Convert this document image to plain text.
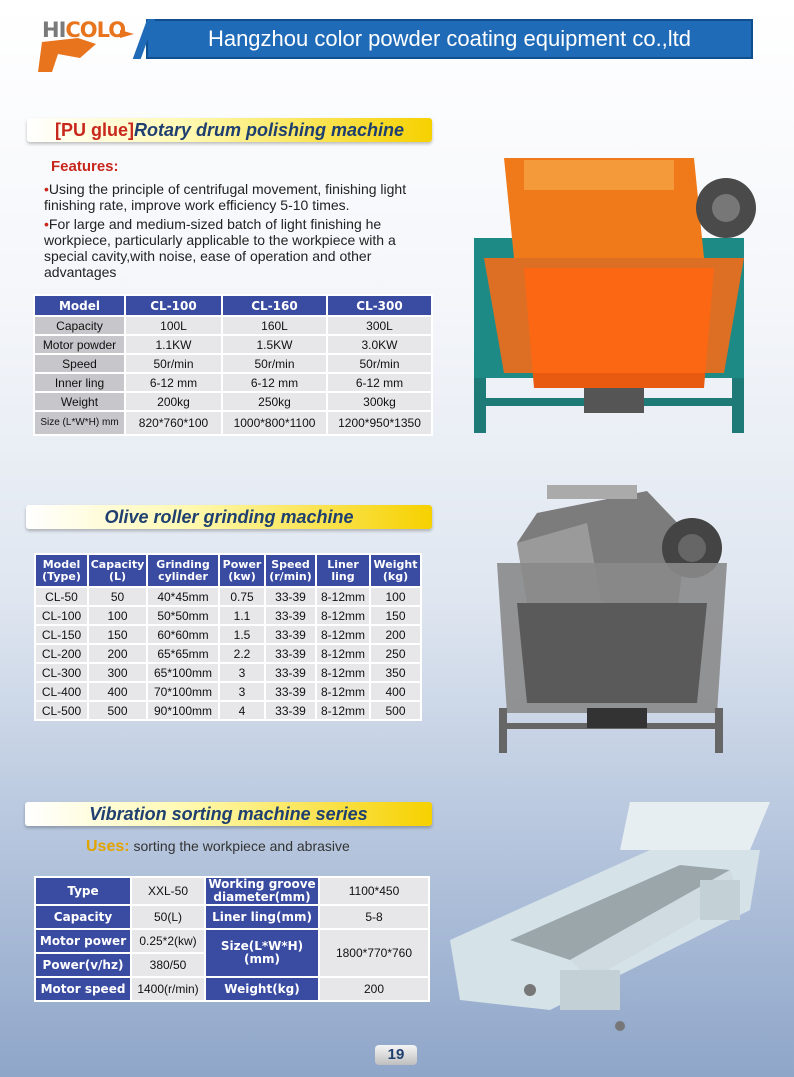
HICOLO	Hangzhou color powder coating equipment co.,ltd
[PU glue]Rotary drum polishing machine
Features:
•Using the principle of centrifugal movement, finishing light finishing rate, improve work efficiency 5-10 times.
•For large and medium-sized batch of light finishing he workpiece, particularly applicable to the workpiece with a special cavity,with noise, ease of operation and other advantages
Model	CL-100	CL-160	CL-300
Capacity	100L	160L	300L
Motor powder	1.1KW	1.5KW	3.0KW
Speed	50r/min	50r/min	50r/min
Inner ling	6-12 mm	6-12 mm	6-12 mm
Weight	200kg	250kg	300kg
Size (L*W*H) mm	820*760*100	1000*800*1100	1200*950*1350
Olive roller grinding machine
Model (Type)	Capacity (L)	Grinding cylinder	Power (kw)	Speed (r/min)	Liner ling	Weight (kg)
CL-50	50	40*45mm	0.75	33-39	8-12mm	100
CL-100	100	50*50mm	1.1	33-39	8-12mm	150
CL-150	150	60*60mm	1.5	33-39	8-12mm	200
CL-200	200	65*65mm	2.2	33-39	8-12mm	250
CL-300	300	65*100mm	3	33-39	8-12mm	350
CL-400	400	70*100mm	3	33-39	8-12mm	400
CL-500	500	90*100mm	4	33-39	8-12mm	500
Vibration sorting machine series
Uses: sorting the workpiece and abrasive
Type	XXL-50	Working groove diameter(mm)	1100*450
Capacity	50(L)	Liner ling(mm)	5-8
Motor power	0.25*2(kw)	Size(L*W*H) (mm)	1800*770*760
Power(v/hz)	380/50		
Motor speed	1400(r/min)	Weight(kg)	200
19
